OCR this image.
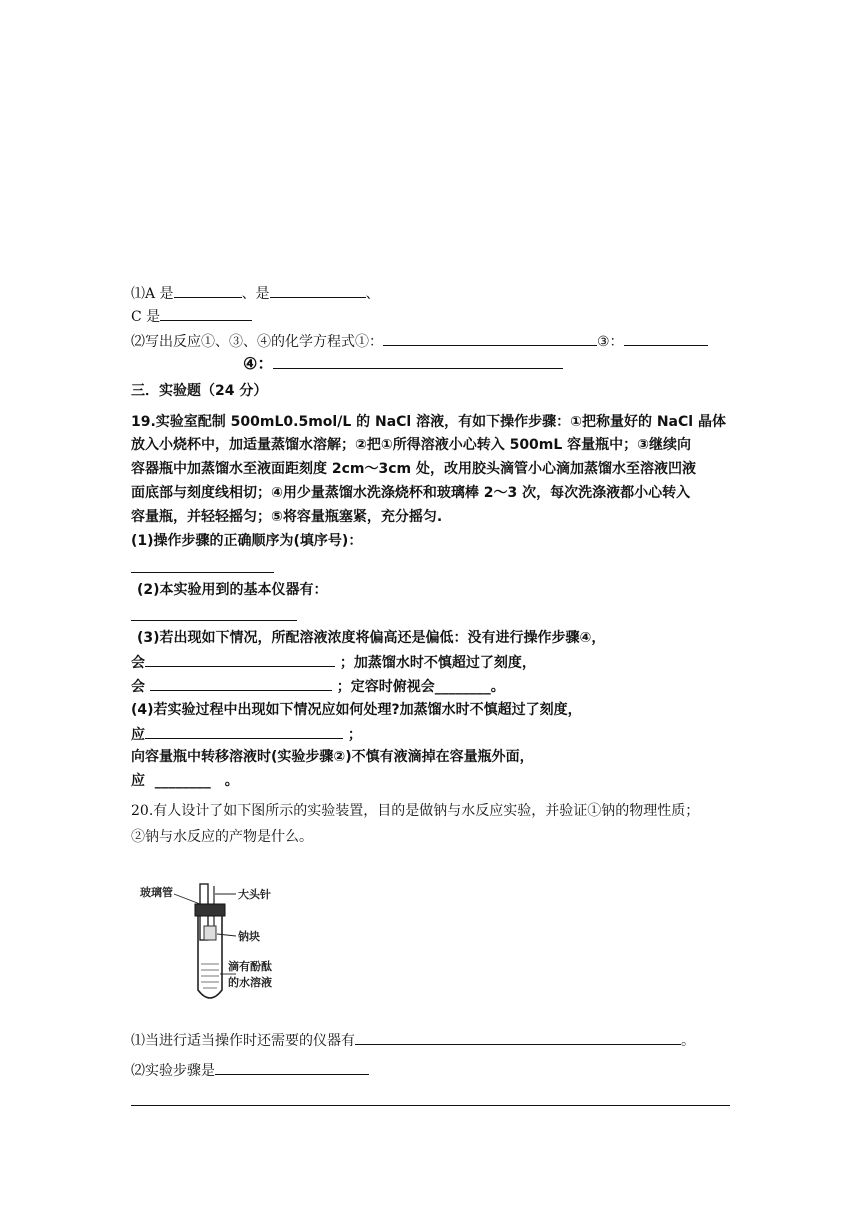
⑴A 是	、是	、
C 是
⑵写出反应①、③、④的化学方程式①：	③：
④：
三．实验题（24 分）
19.实验室配制 500mL0.5mol/L 的 NaCl 溶液，有如下操作步骤：①把称量好的 NaCl 晶体
放入小烧杯中，加适量蒸馏水溶解；②把①所得溶液小心转入 500mL 容量瓶中；③继续向
容器瓶中加蒸馏水至液面距刻度 2cm～3cm 处，改用胶头滴管小心滴加蒸馏水至溶液凹液
面底部与刻度线相切；④用少量蒸馏水洗涤烧杯和玻璃棒 2～3 次，每次洗涤液都小心转入
容量瓶，并轻轻摇匀；⑤将容量瓶塞紧，充分摇匀.
(1)操作步骤的正确顺序为(填序号)：
(2)本实验用到的基本仪器有：
(3)若出现如下情况，所配溶液浓度将偏高还是偏低：没有进行操作步骤④，
会	；加蒸馏水时不慎超过了刻度，
会	；定容时俯视会________。
(4)若实验过程中出现如下情况应如何处理?加蒸馏水时不慎超过了刻度，
应	；
向容量瓶中转移溶液时(实验步骤②)不慎有液滴掉在容量瓶外面，
应 ________　。
20.有人设计了如下图所示的实验装置，目的是做钠与水反应实验，并验证①钠的物理性质；
②钠与水反应的产物是什么。
玻璃管	大头针
钠块
滴有酚酞
的水溶液
⑴当进行适当操作时还需要的仪器有	。
⑵实验步骤是
